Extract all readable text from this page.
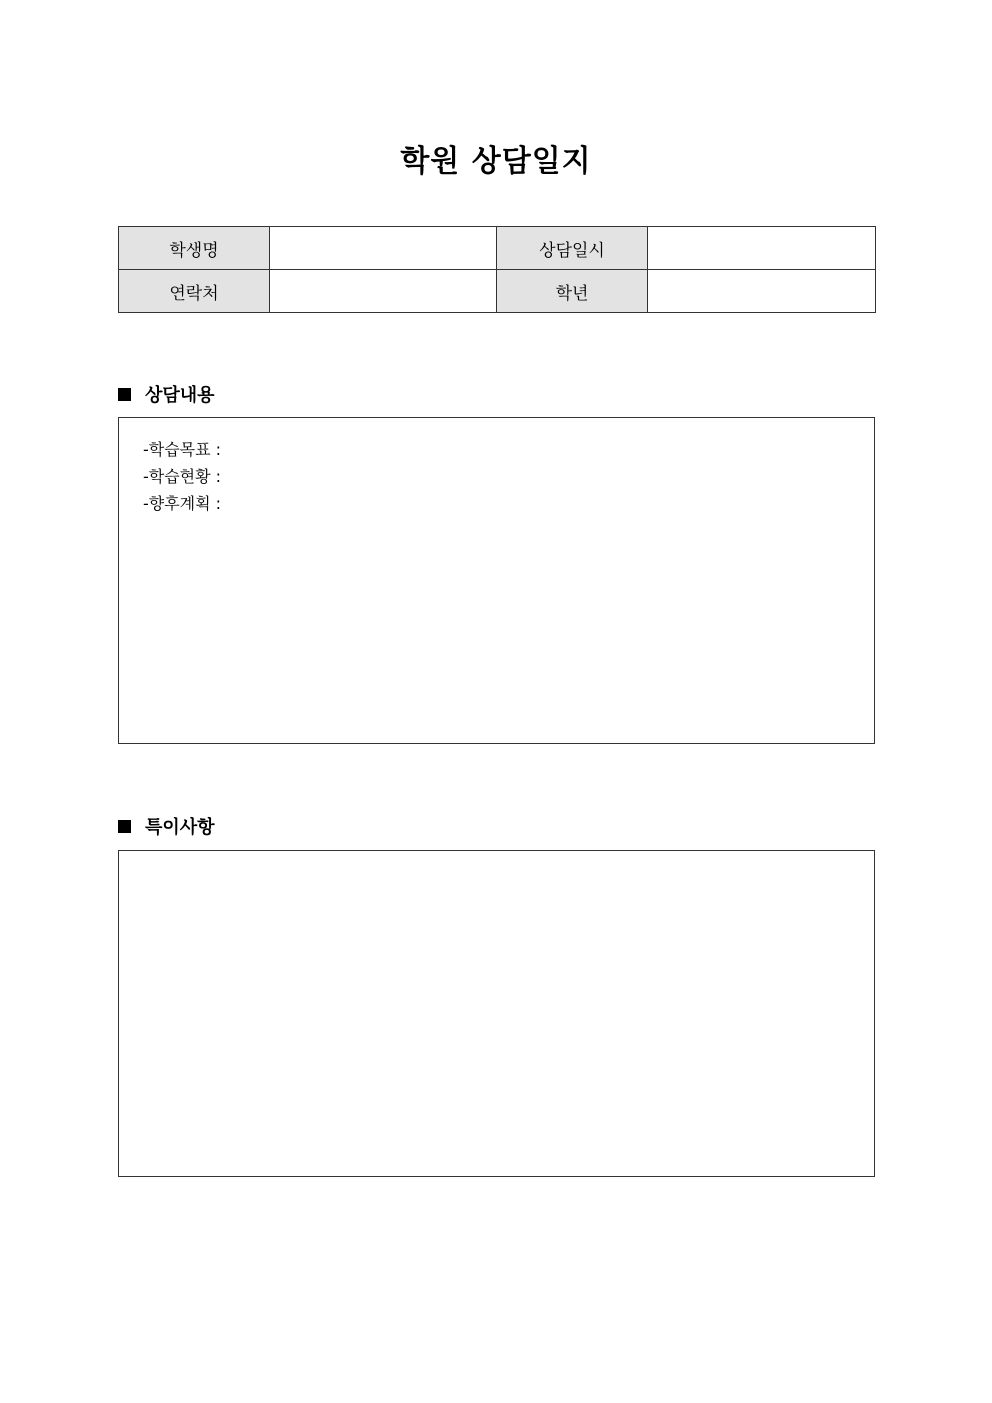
학원 상담일지
학생명		상담일시	
연락처		학년	
상담내용
-학습목표 :
-학습현황 :
-향후계획 :
특이사항
